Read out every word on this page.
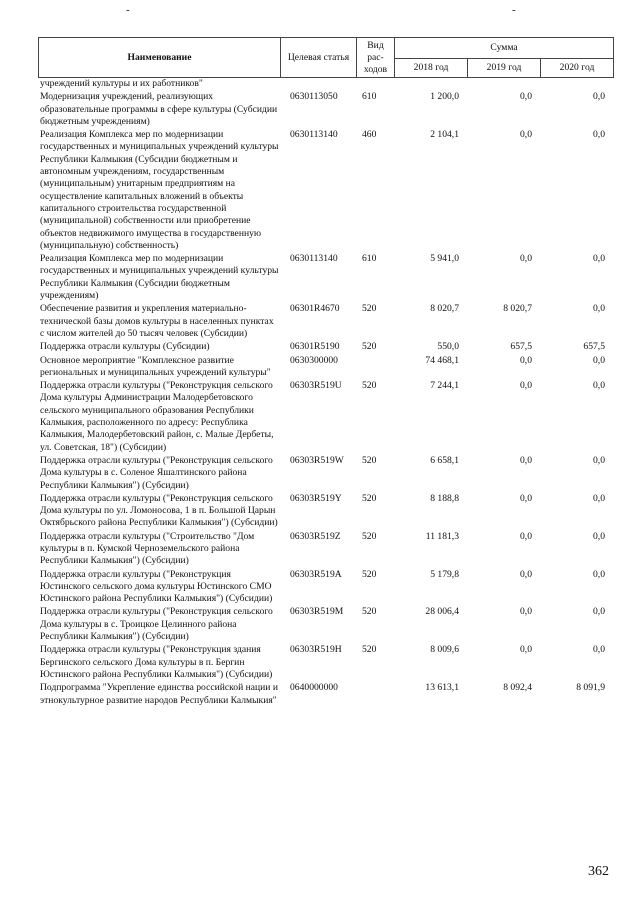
-	-
Наименование	Целевая статья	Вид рас-ходов	Сумма		
			2018 год	2019 год	2020 год
учреждений культуры и их работников"					
Модернизация учреждений, реализующих образовательные программы в сфере культуры (Субсидии бюджетным учреждениям)	0630113050	610	1 200,0	0,0	0,0
Реализация Комплекса мер по модернизации государственных и муниципальных учреждений культуры Республики Калмыкия (Субсидии бюджетным и автономным учреждениям, государственным (муниципальным) унитарным предприятиям на осуществление капитальных вложений в объекты капитального строительства государственной (муниципальной) собственности или приобретение объектов недвижимого имущества в государственную (муниципальную) собственность)	0630113140	460	2 104,1	0,0	0,0
Реализация Комплекса мер по модернизации государственных и муниципальных учреждений культуры Республики Калмыкия (Субсидии бюджетным учреждениям)	0630113140	610	5 941,0	0,0	0,0
Обеспечение развития и укрепления материально-технической базы домов культуры в населенных пунктах с числом жителей до 50 тысяч человек (Субсидии)	06301R4670	520	8 020,7	8 020,7	0,0
Поддержка отрасли культуры (Субсидии)	06301R5190	520	550,0	657,5	657,5
Основное мероприятие "Комплексное развитие региональных и муниципальных учреждений культуры"	0630300000		74 468,1	0,0	0,0
Поддержка отрасли культуры ("Реконструкция сельского Дома культуры Администрации Малодербетовского сельского муниципального образования Республики Калмыкия, расположенного по адресу: Республика Калмыкия, Малодербетовский район, с. Малые Дербеты, ул. Советская, 18") (Субсидии)	06303R519U	520	7 244,1	0,0	0,0
Поддержка отрасли культуры ("Реконструкция сельского Дома культуры в с. Соленое Яшалтинского района Республики Калмыкия") (Субсидии)	06303R519W	520	6 658,1	0,0	0,0
Поддержка отрасли культуры ("Реконструкция сельского Дома культуры по ул. Ломоносова, 1 в п. Большой Царын Октябрьского района Республики Калмыкия") (Субсидии)	06303R519Y	520	8 188,8	0,0	0,0
Поддержка отрасли культуры ("Строительство "Дом культуры в п. Кумской Черноземельского района Республики Калмыкия") (Субсидии)	06303R519Z	520	11 181,3	0,0	0,0
Поддержка отрасли культуры ("Реконструкция Юстинского сельского дома культуры Юстинского СМО Юстинского района Республики Калмыкия") (Субсидии)	06303R519A	520	5 179,8	0,0	0,0
Поддержка отрасли культуры ("Реконструкция сельского Дома культуры в с. Троицкое Целинного района Республики Калмыкия") (Субсидии)	06303R519M	520	28 006,4	0,0	0,0
Поддержка отрасли культуры ("Реконструкция здания Бергинского сельского Дома культуры в п. Бергин Юстинского района Республики Калмыкия") (Субсидии)	06303R519H	520	8 009,6	0,0	0,0
Подпрограмма "Укрепление единства российской нации и этнокультурное развитие народов Республики Калмыкия"	0640000000		13 613,1	8 092,4	8 091,9
362
